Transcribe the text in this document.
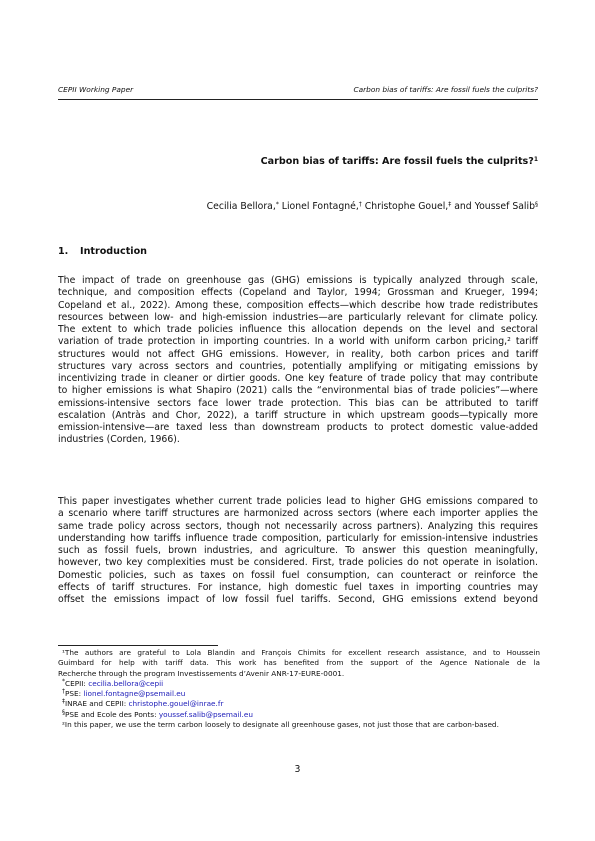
CEPII Working Paper	Carbon bias of tariffs: Are fossil fuels the culprits?
Carbon bias of tariffs: Are fossil fuels the culprits?$^1$
Cecilia Bellora,* Lionel Fontagné,† Christophe Gouel,‡ and Youssef Salib§
1. Introduction
The impact of trade on greenhouse gas (GHG) emissions is typically analyzed through scale,
technique, and composition effects (Copeland and Taylor, 1994; Grossman and Krueger, 1994;
Copeland et al., 2022). Among these, composition effects—which describe how trade redistributes
resources between low- and high-emission industries—are particularly relevant for climate policy.
The extent to which trade policies influence this allocation depends on the level and sectoral
variation of trade protection in importing countries. In a world with uniform carbon pricing,² tariff
structures would not affect GHG emissions. However, in reality, both carbon prices and tariff
structures vary across sectors and countries, potentially amplifying or mitigating emissions by
incentivizing trade in cleaner or dirtier goods. One key feature of trade policy that may contribute
to higher emissions is what Shapiro (2021) calls the “environmental bias of trade policies”—where
emissions-intensive sectors face lower trade protection. This bias can be attributed to tariff
escalation (Antràs and Chor, 2022), a tariff structure in which upstream goods—typically more
emission-intensive—are taxed less than downstream products to protect domestic value-added
industries (Corden, 1966).
This paper investigates whether current trade policies lead to higher GHG emissions compared to
a scenario where tariff structures are harmonized across sectors (where each importer applies the
same trade policy across sectors, though not necessarily across partners). Analyzing this requires
understanding how tariffs influence trade composition, particularly for emission-intensive industries
such as fossil fuels, brown industries, and agriculture. To answer this question meaningfully,
however, two key complexities must be considered. First, trade policies do not operate in isolation.
Domestic policies, such as taxes on fossil fuel consumption, can counteract or reinforce the
effects of tariff structures. For instance, high domestic fuel taxes in importing countries may
offset the emissions impact of low fossil fuel tariffs. Second, GHG emissions extend beyond
¹The authors are grateful to Lola Blandin and François Chimits for excellent research assistance, and to Houssein
Guimbard for help with tariff data. This work has benefited from the support of the Agence Nationale de la
Recherche through the program Investissements d’Avenir ANR-17-EURE-0001.
*CEPII: cecilia.bellora@cepii
†PSE: lionel.fontagne@psemail.eu
‡INRAE and CEPII: christophe.gouel@inrae.fr
§PSE and Ecole des Ponts: youssef.salib@psemail.eu
²In this paper, we use the term carbon loosely to designate all greenhouse gases, not just those that are carbon-based.
3
